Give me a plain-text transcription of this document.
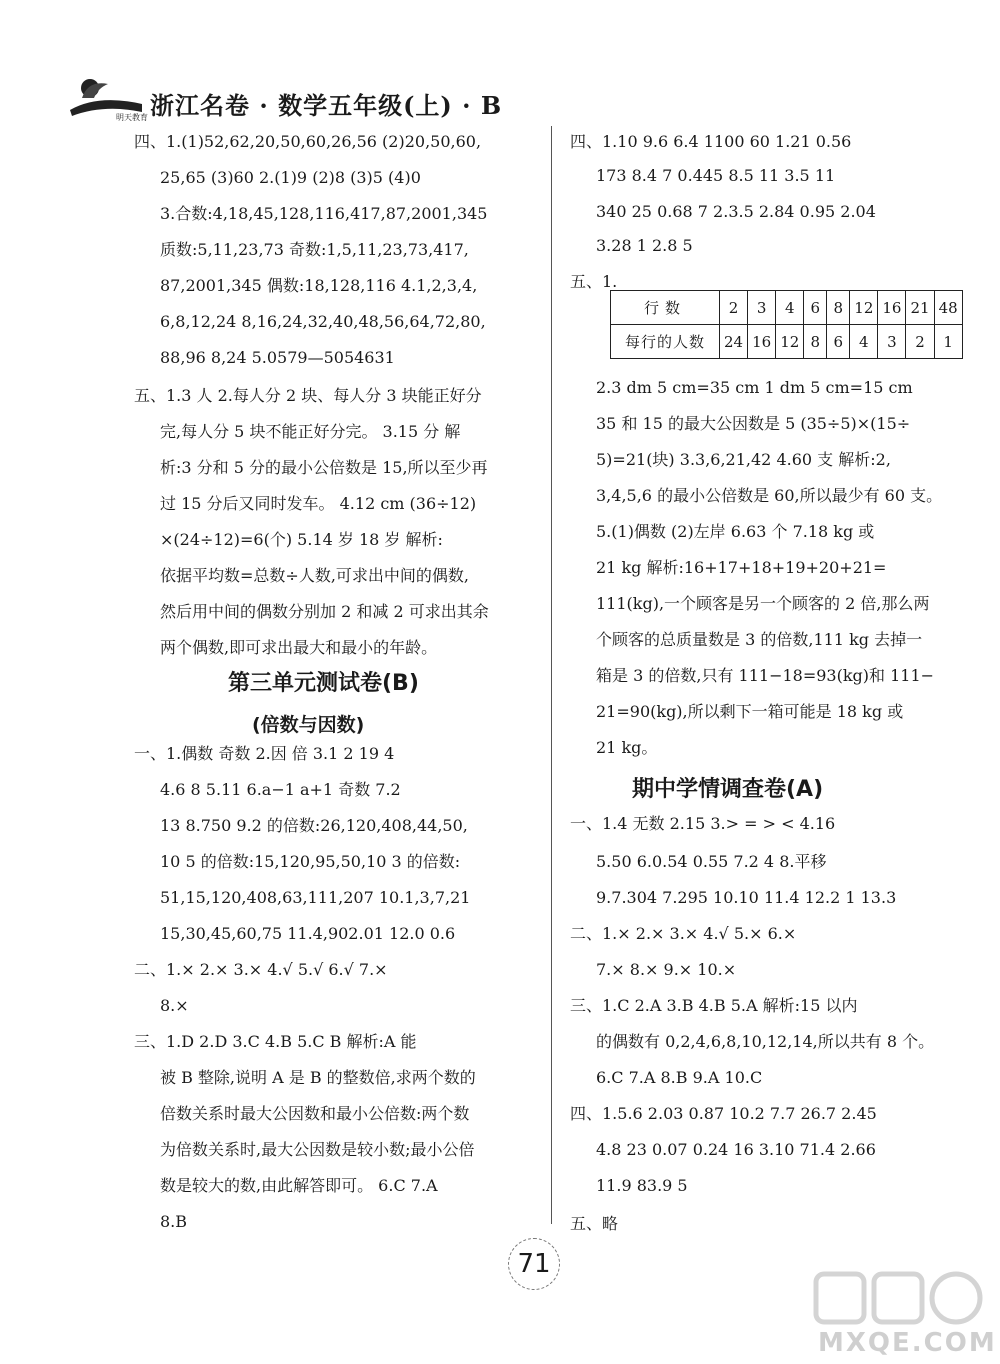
明天教育 浙江名卷 · 数学五年级(上) · B
四、1.(1)52,62,20,50,60,26,56 (2)20,50,60,
25,65 (3)60 2.(1)9 (2)8 (3)5 (4)0
3.合数:4,18,45,128,116,417,87,2001,345
质数:5,11,23,73 奇数:1,5,11,23,73,417,
87,2001,345 偶数:18,128,116 4.1,2,3,4,
6,8,12,24 8,16,24,32,40,48,56,64,72,80,
88,96 8,24 5.0579—5054631
五、1.3 人 2.每人分 2 块、每人分 3 块能正好分
完,每人分 5 块不能正好分完。 3.15 分 解
析:3 分和 5 分的最小公倍数是 15,所以至少再
过 15 分后又同时发车。 4.12 cm (36÷12)
×(24÷12)=6(个) 5.14 岁 18 岁 解析:
依据平均数=总数÷人数,可求出中间的偶数,
然后用中间的偶数分别加 2 和减 2 可求出其余
两个偶数,即可求出最大和最小的年龄。
第三单元测试卷(B)
(倍数与因数)
一、1.偶数 奇数 2.因 倍 3.1 2 19 4
4.6 8 5.11 6.a−1 a+1 奇数 7.2
13 8.750 9.2 的倍数:26,120,408,44,50,
10 5 的倍数:15,120,95,50,10 3 的倍数:
51,15,120,408,63,111,207 10.1,3,7,21
15,30,45,60,75 11.4,902.01 12.0 0.6
二、1.× 2.× 3.× 4.√ 5.√ 6.√ 7.×
8.×
三、1.D 2.D 3.C 4.B 5.C B 解析:A 能
被 B 整除,说明 A 是 B 的整数倍,求两个数的
倍数关系时最大公因数和最小公倍数:两个数
为倍数关系时,最大公因数是较小数;最小公倍
数是较大的数,由此解答即可。 6.C 7.A
8.B
四、1.10 9.6 6.4 1100 60 1.21 0.56
173 8.4 7 0.445 8.5 11 3.5 11
340 25 0.68 7 2.3.5 2.84 0.95 2.04
3.28 1 2.8 5
五、1.
行数	2	3	4	6	8	12	16	21	48
每行的人数	24	16	12	8	6	4	3	2	1
2.3 dm 5 cm=35 cm 1 dm 5 cm=15 cm
35 和 15 的最大公因数是 5 (35÷5)×(15÷
5)=21(块) 3.3,6,21,42 4.60 支 解析:2,
3,4,5,6 的最小公倍数是 60,所以最少有 60 支。
5.(1)偶数 (2)左岸 6.63 个 7.18 kg 或
21 kg 解析:16+17+18+19+20+21=
111(kg),一个顾客是另一个顾客的 2 倍,那么两
个顾客的总质量数是 3 的倍数,111 kg 去掉一
箱是 3 的倍数,只有 111−18=93(kg)和 111−
21=90(kg),所以剩下一箱可能是 18 kg 或
21 kg。
期中学情调查卷(A)
一、1.4 无数 2.15 3.> = > < 4.16
5.50 6.0.54 0.55 7.2 4 8.平移
9.7.304 7.295 10.10 11.4 12.2 1 13.3
二、1.× 2.× 3.× 4.√ 5.× 6.×
7.× 8.× 9.× 10.×
三、1.C 2.A 3.B 4.B 5.A 解析:15 以内
的偶数有 0,2,4,6,8,10,12,14,所以共有 8 个。
6.C 7.A 8.B 9.A 10.C
四、1.5.6 2.03 0.87 10.2 7.7 26.7 2.45
4.8 23 0.07 0.24 16 3.10 71.4 2.66
11.9 83.9 5
五、略
71
MXQE.COM
